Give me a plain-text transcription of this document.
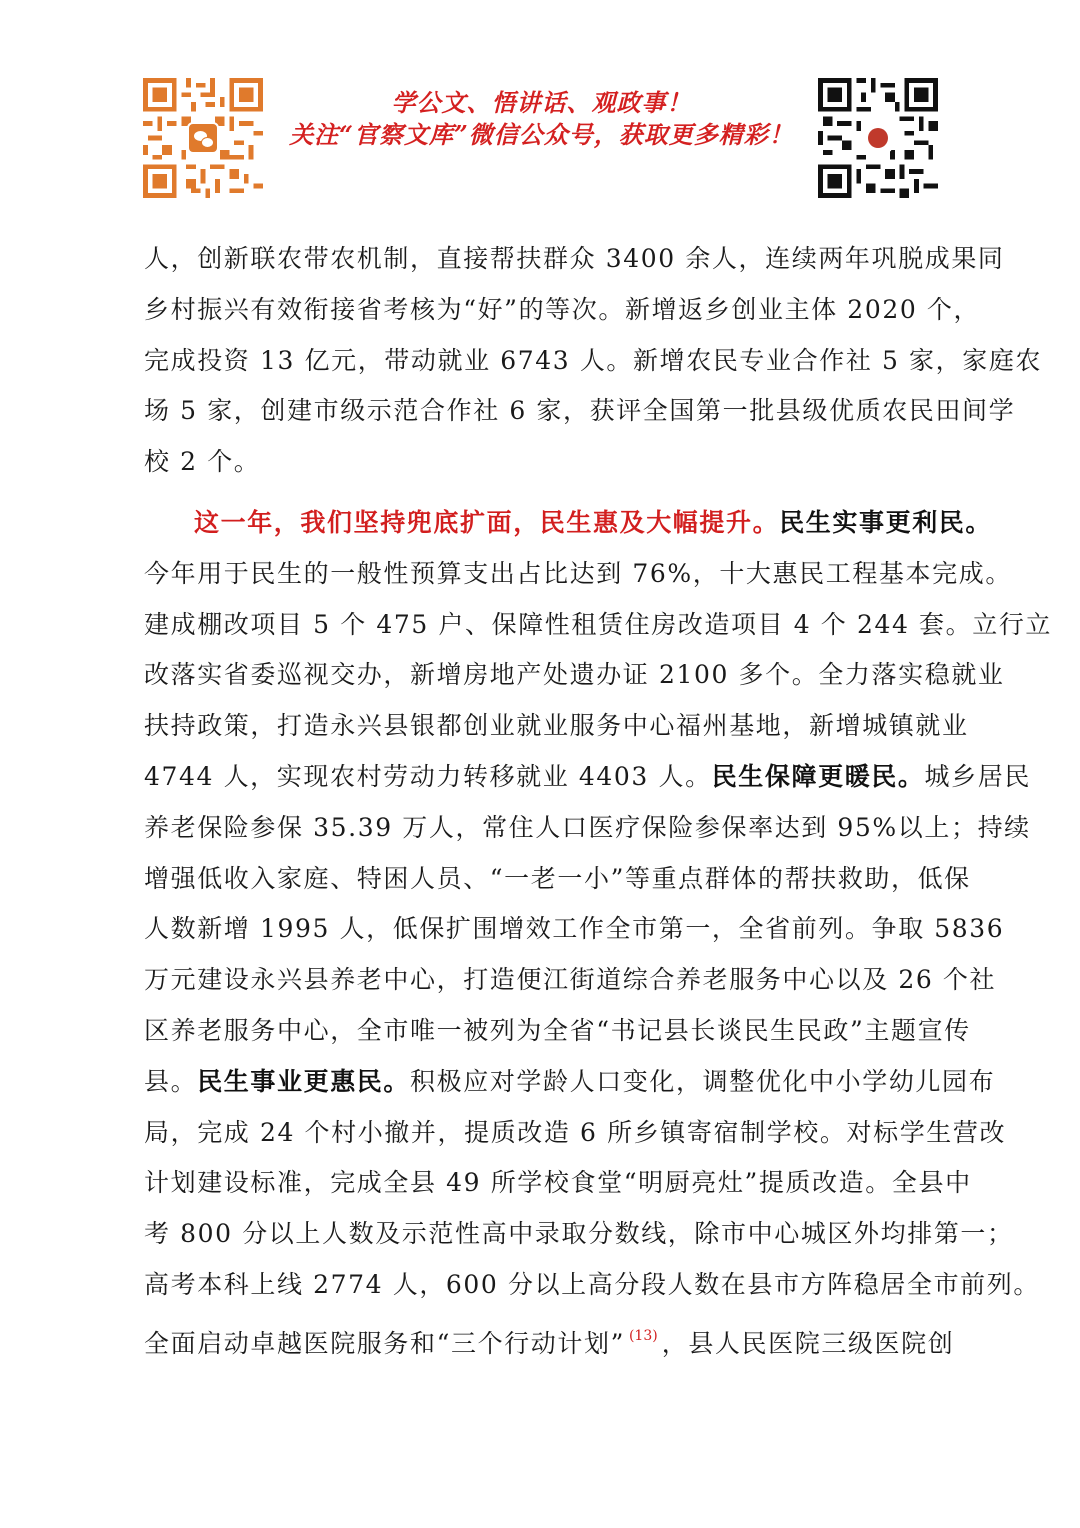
学公文、悟讲话、观政事！
关注“官察文库”微信公众号，获取更多精彩！
人，创新联农带农机制，直接帮扶群众 3400 余人，连续两年巩脱成果同
乡村振兴有效衔接省考核为“好”的等次。新增返乡创业主体 2020 个，
完成投资 13 亿元，带动就业 6743 人。新增农民专业合作社 5 家，家庭农
场 5 家，创建市级示范合作社 6 家，获评全国第一批县级优质农民田间学
校 2 个。
这一年，我们坚持兜底扩面，民生惠及大幅提升。民生实事更利民。
今年用于民生的一般性预算支出占比达到 76%，十大惠民工程基本完成。
建成棚改项目 5 个 475 户、保障性租赁住房改造项目 4 个 244 套。立行立
改落实省委巡视交办，新增房地产处遗办证 2100 多个。全力落实稳就业
扶持政策，打造永兴县银都创业就业服务中心福州基地，新增城镇就业
4744 人，实现农村劳动力转移就业 4403 人。民生保障更暖民。城乡居民
养老保险参保 35.39 万人，常住人口医疗保险参保率达到 95%以上；持续
增强低收入家庭、特困人员、“一老一小”等重点群体的帮扶救助，低保
人数新增 1995 人，低保扩围增效工作全市第一，全省前列。争取 5836
万元建设永兴县养老中心，打造便江街道综合养老服务中心以及 26 个社
区养老服务中心，全市唯一被列为全省“书记县长谈民生民政”主题宣传
县。民生事业更惠民。积极应对学龄人口变化，调整优化中小学幼儿园布
局，完成 24 个村小撤并，提质改造 6 所乡镇寄宿制学校。对标学生营改
计划建设标准，完成全县 49 所学校食堂“明厨亮灶”提质改造。全县中
考 800 分以上人数及示范性高中录取分数线，除市中心城区外均排第一；
高考本科上线 2774 人，600 分以上高分段人数在县市方阵稳居全市前列。
全面启动卓越医院服务和“三个行动计划” $^{(13)}$ ，县人民医院三级医院创
